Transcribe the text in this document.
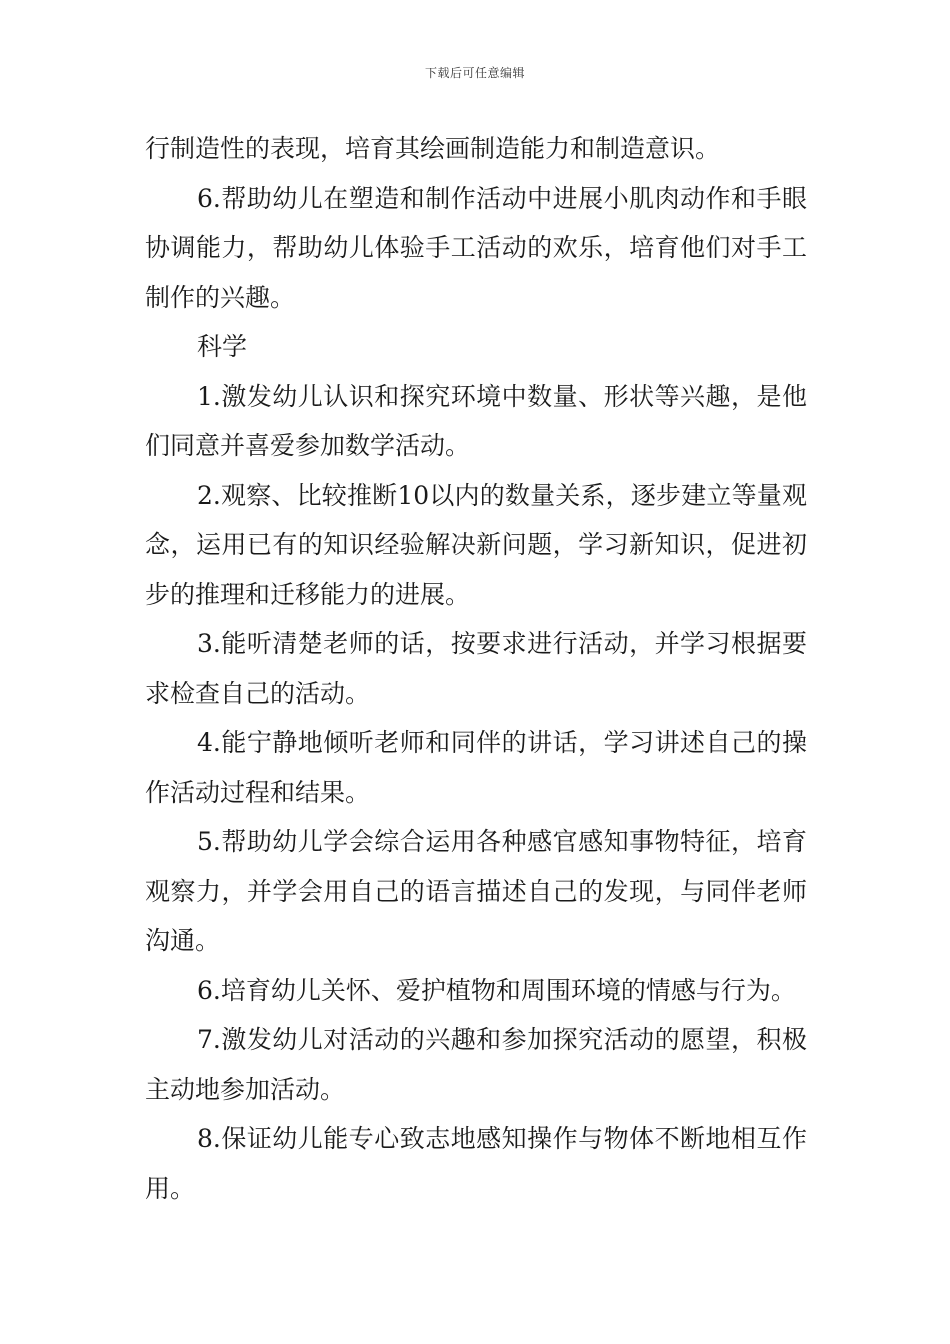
下载后可任意编辑

行制造性的表现，培育其绘画制造能力和制造意识。

6.帮助幼儿在塑造和制作活动中进展小肌肉动作和手眼协调能力，帮助幼儿体验手工活动的欢乐，培育他们对手工制作的兴趣。

科学

1.激发幼儿认识和探究环境中数量、形状等兴趣，是他们同意并喜爱参加数学活动。

2.观察、比较推断10以内的数量关系，逐步建立等量观念，运用已有的知识经验解决新问题，学习新知识，促进初步的推理和迁移能力的进展。

3.能听清楚老师的话，按要求进行活动，并学习根据要求检查自己的活动。

4.能宁静地倾听老师和同伴的讲话，学习讲述自己的操作活动过程和结果。

5.帮助幼儿学会综合运用各种感官感知事物特征，培育观察力，并学会用自己的语言描述自己的发现，与同伴老师沟通。

6.培育幼儿关怀、爱护植物和周围环境的情感与行为。

7.激发幼儿对活动的兴趣和参加探究活动的愿望，积极主动地参加活动。

8.保证幼儿能专心致志地感知操作与物体不断地相互作用。
